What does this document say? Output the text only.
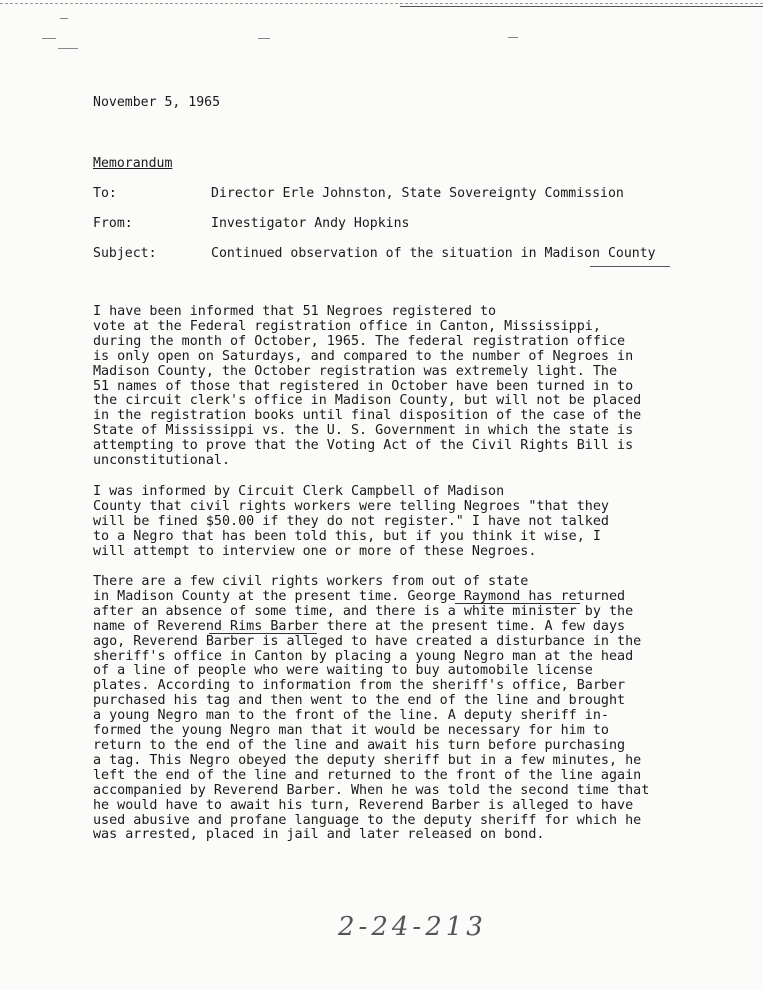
November 5, 1965
Memorandum
To:	Director Erle Johnston, State Sovereignty Commission
From:	Investigator Andy Hopkins
Subject:	Continued observation of the situation in Madison County

I have been informed that 51 Negroes registered to
vote at the Federal registration office in Canton, Mississippi,
during the month of October, 1965. The federal registration office
is only open on Saturdays, and compared to the number of Negroes in
Madison County, the October registration was extremely light. The
51 names of those that registered in October have been turned in to
the circuit clerk's office in Madison County, but will not be placed
in the registration books until final disposition of the case of the
State of Mississippi vs. the U. S. Government in which the state is
attempting to prove that the Voting Act of the Civil Rights Bill is
unconstitutional.

I was informed by Circuit Clerk Campbell of Madison
County that civil rights workers were telling Negroes "that they
will be fined $50.00 if they do not register." I have not talked
to a Negro that has been told this, but if you think it wise, I
will attempt to interview one or more of these Negroes.

There are a few civil rights workers from out of state
in Madison County at the present time. George Raymond has returned
after an absence of some time, and there is a white minister by the
name of Reverend Rims Barber there at the present time. A few days
ago, Reverend Barber is alleged to have created a disturbance in the
sheriff's office in Canton by placing a young Negro man at the head
of a line of people who were waiting to buy automobile license
plates. According to information from the sheriff's office, Barber
purchased his tag and then went to the end of the line and brought
a young Negro man to the front of the line. A deputy sheriff in-
formed the young Negro man that it would be necessary for him to
return to the end of the line and await his turn before purchasing
a tag. This Negro obeyed the deputy sheriff but in a few minutes, he
left the end of the line and returned to the front of the line again
accompanied by Reverend Barber. When he was told the second time that
he would have to await his turn, Reverend Barber is alleged to have
used abusive and profane language to the deputy sheriff for which he
was arrested, placed in jail and later released on bond.

2-24-213
